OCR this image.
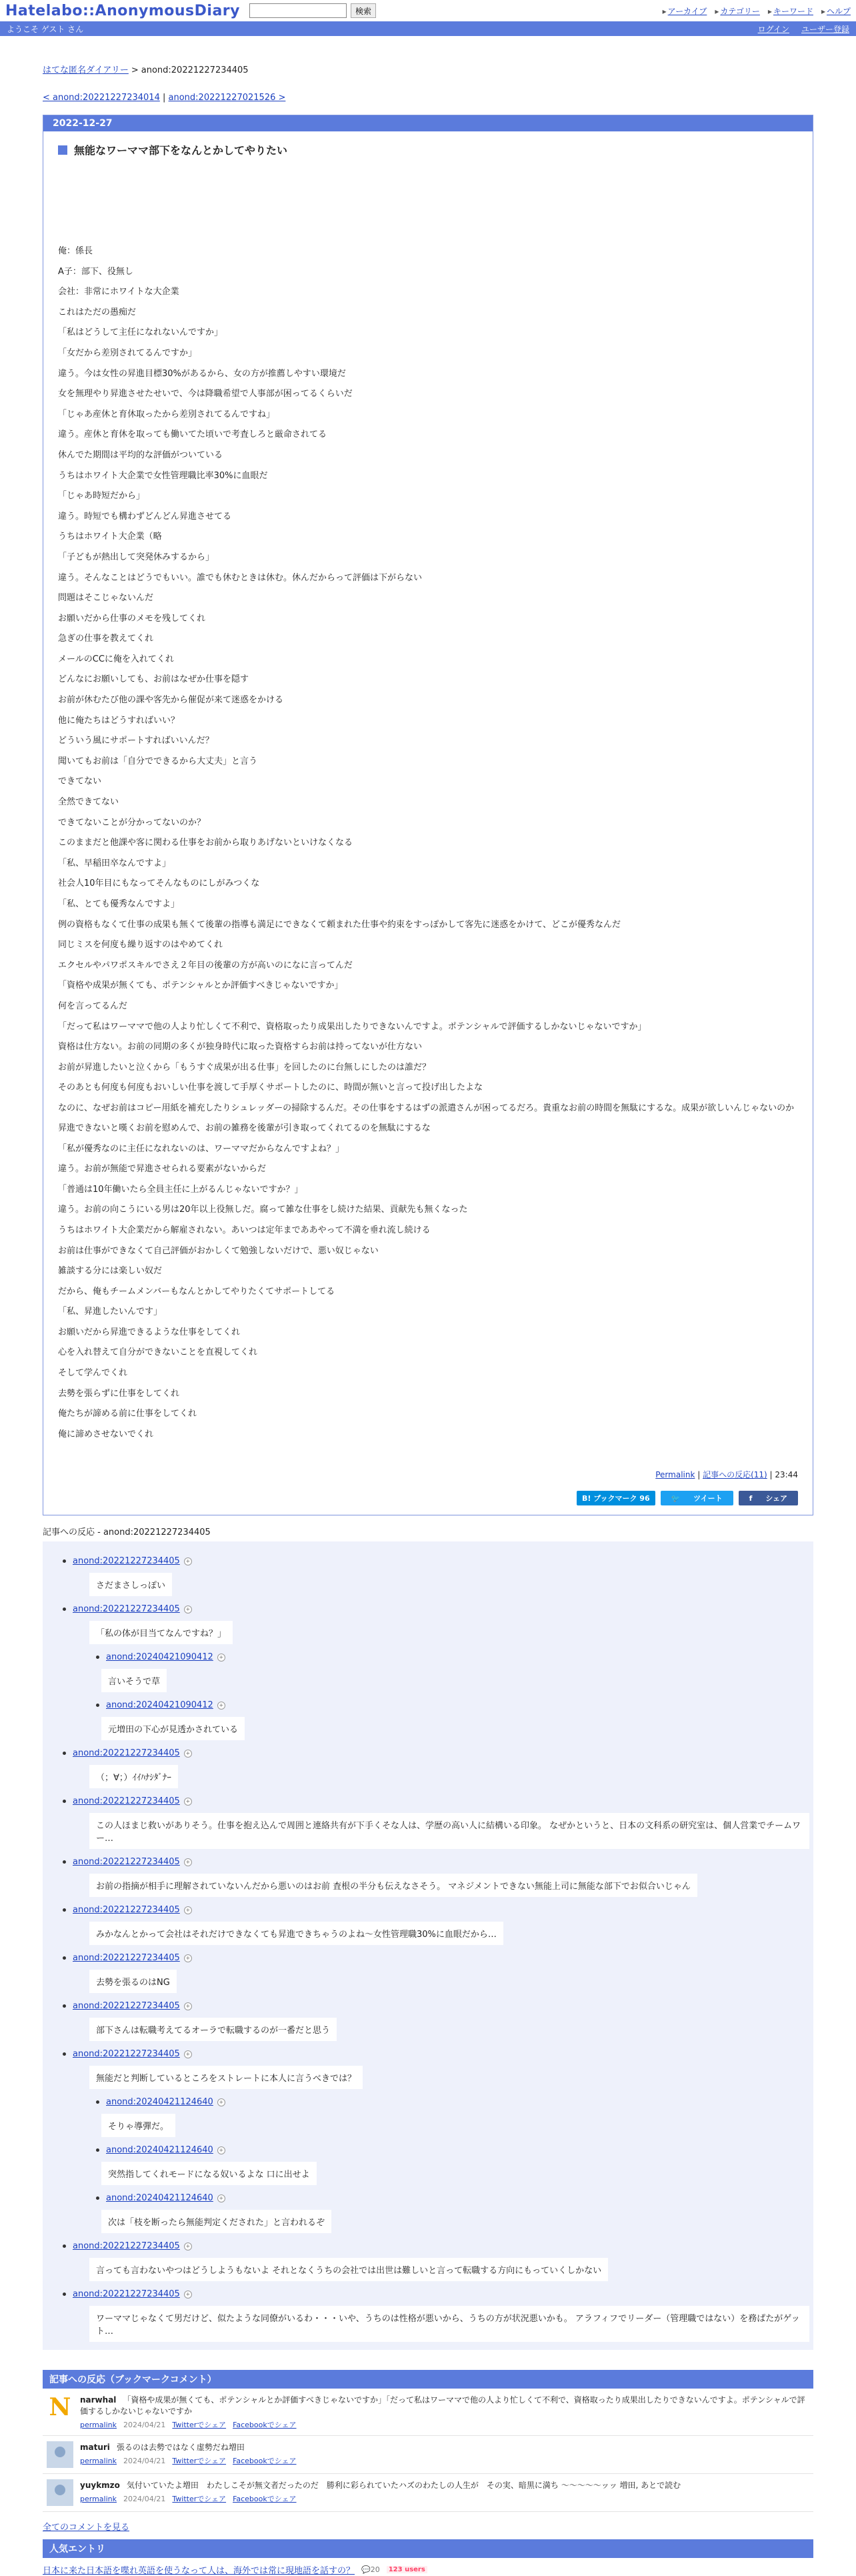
Hatelabo::AnonymousDiary	検索	▸ アーカイブ ▸ カテゴリー ▸ キーワード ▸ ヘルプ
ようこそ ゲスト さん	ログイン ユーザー登録
はてな匿名ダイアリー > anond:20221227234405
< anond:20221227234014 | anond:20221227021526 >
2022-12-27
無能なワーママ部下をなんとかしてやりたい

俺：係長

A子：部下、役無し

会社：非常にホワイトな大企業

これはただの愚痴だ

「私はどうして主任になれないんですか」

「女だから差別されてるんですか」

違う。今は女性の昇進目標30%があるから、女の方が推薦しやすい環境だ

女を無理やり昇進させたせいで、今は降職希望で人事部が困ってるくらいだ

「じゃあ産休と育休取ったから差別されてるんですね」

違う。産休と育休を取っても働いてた頃いで考査しろと厳命されてる

休んでた期間は平均的な評価がついている

うちはホワイト大企業で女性管理職比率30%に血眼だ

「じゃあ時短だから」

違う。時短でも構わずどんどん昇進させてる

うちはホワイト大企業（略

「子どもが熱出して突発休みするから」

違う。そんなことはどうでもいい。誰でも休むときは休む。休んだからって評価は下がらない

問題はそこじゃないんだ

お願いだから仕事のメモを残してくれ

急ぎの仕事を教えてくれ

メールのCCに俺を入れてくれ

どんなにお願いしても、お前はなぜか仕事を隠す

お前が休むたび他の課や客先から催促が来て迷惑をかける

他に俺たちはどうすればいい？

どういう風にサポートすればいいんだ？

聞いてもお前は「自分でできるから大丈夫」と言う

できてない

全然できてない

できてないことが分かってないのか？

このままだと他課や客に関わる仕事をお前から取りあげないといけなくなる

「私、早稲田卒なんですよ」

社会人10年目にもなってそんなものにしがみつくな

「私、とても優秀なんですよ」

例の資格もなくて仕事の成果も無くて後輩の指導も満足にできなくて頼まれた仕事や約束をすっぽかして客先に迷惑をかけて、どこが優秀なんだ

同じミスを何度も繰り返すのはやめてくれ

エクセルやパワポスキルでさえ２年目の後輩の方が高いのになに言ってんだ

「資格や成果が無くても、ポテンシャルとか評価すべきじゃないですか」

何を言ってるんだ

「だって私はワーママで他の人より忙しくて不利で、資格取ったり成果出したりできないんですよ。ポテンシャルで評価するしかないじゃないですか」

資格は仕方ない。お前の同期の多くが独身時代に取った資格すらお前は持ってないが仕方ない

お前が昇進したいと泣くから「もうすぐ成果が出る仕事」を回したのに台無しにしたのは誰だ？

そのあとも何度も何度もおいしい仕事を渡して手厚くサポートしたのに、時間が無いと言って投げ出したよな

なのに、なぜお前はコピー用紙を補充したりシュレッダーの掃除するんだ。その仕事をするはずの派遣さんが困ってるだろ。貴重なお前の時間を無駄にするな。成果が欲しいんじゃないのか

昇進できないと嘆くお前を慰めんで、お前の雑務を後輩が引き取ってくれてるのを無駄にするな

「私が優秀なのに主任になれないのは、ワーママだからなんですよね？」

違う。お前が無能で昇進させられる要素がないからだ

「普通は10年働いたら全員主任に上がるんじゃないですか？」

違う。お前の向こうにいる男は20年以上役無しだ。腐って雑な仕事をし続けた結果、貢献先も無くなった

うちはホワイト大企業だから解雇されない。あいつは定年までああやって不満を垂れ流し続ける

お前は仕事ができなくて自己評価がおかしくて勉強しないだけで、悪い奴じゃない

雑談する分には楽しい奴だ

だから、俺もチームメンバーもなんとかしてやりたくてサポートしてる

「私、昇進したいんです」

お願いだから昇進できるような仕事をしてくれ

心を入れ替えて自分ができないことを直視してくれ

そして学んでくれ

去勢を張らずに仕事をしてくれ

俺たちが諦める前に仕事をしてくれ

俺に諦めさせないでくれ

Permalink | 記事への反応(11) | 23:44
B! ブックマーク 96	🐦 ツイート	f シェア
記事への反応 - anond:20221227234405
anond:20221227234405	+
さだまさしっぽい
anond:20221227234405	+
「私の体が目当てなんですね？」
anond:20240421090412	+
言いそうで草
anond:20240421090412	+
元増田の下心が見透かされている
anond:20221227234405	+
（；∀；）ｲｲﾊﾅｼﾀﾞﾅｰ
anond:20221227234405	+
この人ほまじ救いがありそう。仕事を抱え込んで周囲と連絡共有が下手くそな人は、学歴の高い人に結構いる印象。 なぜかというと、日本の文科系の研究室は、個人営業でチームワー…
anond:20221227234405	+
お前の指摘が相手に理解されていないんだから悪いのはお前 査根の半分も伝えなさそう。 マネジメントできない無能上司に無能な部下でお似合いじゃん
anond:20221227234405	+
みかなんとかって会社はそれだけできなくても昇進できちゃうのよね～女性管理職30%に血眼だから…
anond:20221227234405	+
去勢を張るのはNG
anond:20221227234405	+
部下さんは転職考えてるオーラで転職するのが一番だと思う
anond:20221227234405	+
無能だと判断しているところをストレートに本人に言うべきでは？
anond:20240421124640	+
そりゃ導彈だ。
anond:20240421124640	+
突然指してくれモードになる奴いるよな 口に出せよ
anond:20240421124640	+
次は「枝を断ったら無能判定くだされた」と言われるぞ
anond:20221227234405	+
言っても言わないやつはどうしようもないよ それとなくうちの会社では出世は難しいと言って転職する方向にもっていくしかない
anond:20221227234405	+
ワーママじゃなくて男だけど、似たような同僚がいるわ・・・いや、うちのは性格が悪いから、うちの方が状況悪いかも。 アラフィフでリーダー（管理職ではない）を務ぱたがゲット…
記事への反応（ブックマークコメント）
N narwhal 「資格や成果が無くても、ポテンシャルとか評価すべきじゃないですか」「だって私はワーママで他の人より忙しくて不利で、資格取ったり成果出したりできないんですよ。ポテンシャルで評価するしかないじゃないですか
permalink 2024/04/21 Twitterでシェア Facebookでシェア
maturi 張るのは去勢ではなく虚勢だね増田
permalink 2024/04/21 Twitterでシェア Facebookでシェア
yuykmzo 気付いていたよ増田　わたしこそが無文者だったのだ　勝利に彩られていたハズのわたしの人生が　その実、暗黒に満ち ～～～～～ッッ 増田, あとで読む
permalink 2024/04/21 Twitterでシェア Facebookでシェア
全てのコメントを見る
人気エントリ
日本に来た日本語を喋れ英語を使うなって人は、海外では常に現地語を話すの？ 💬20	123 users
